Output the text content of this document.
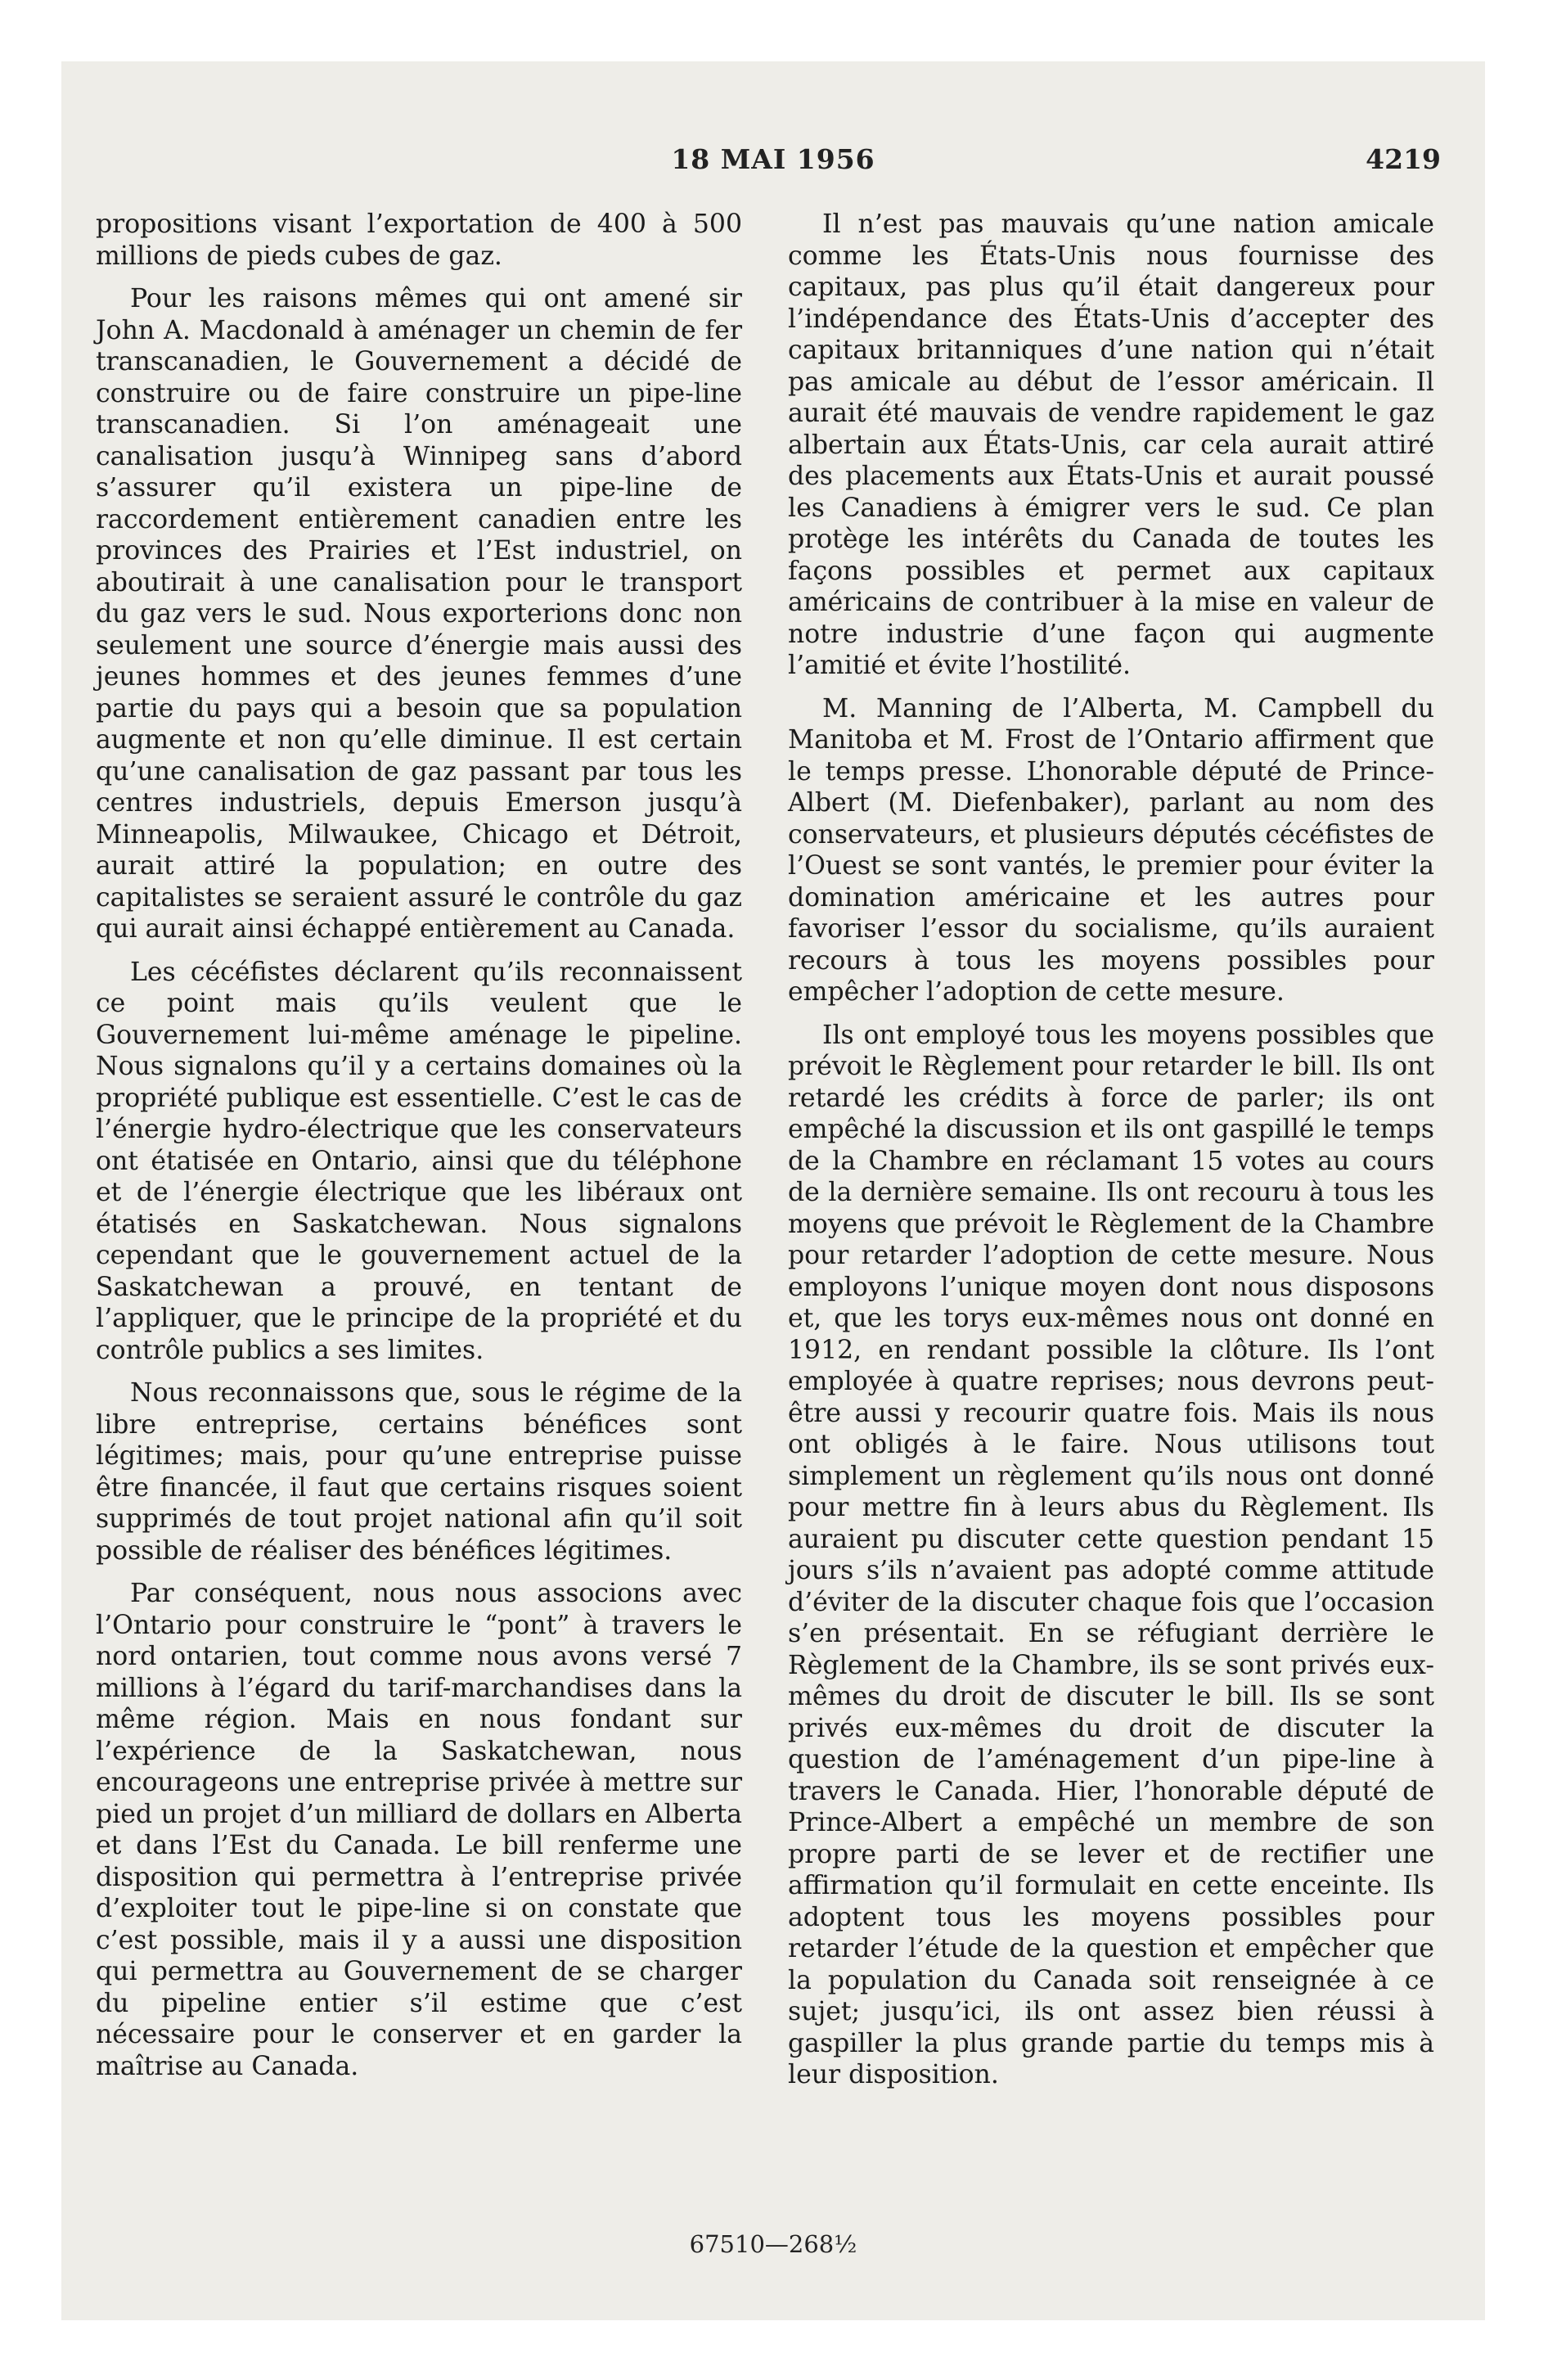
18 MAI 1956	4219

propositions visant l’exportation de 400 à 500 millions de pieds cubes de gaz.

Pour les raisons mêmes qui ont amené sir John A. Macdonald à aménager un chemin de fer transcanadien, le Gouvernement a décidé de construire ou de faire construire un pipe-line transcanadien. Si l’on aménageait une canalisation jusqu’à Winnipeg sans d’abord s’assurer qu’il existera un pipe-line de raccordement entièrement canadien entre les provinces des Prairies et l’Est industriel, on aboutirait à une canalisation pour le transport du gaz vers le sud. Nous exporterions donc non seulement une source d’énergie mais aussi des jeunes hommes et des jeunes femmes d’une partie du pays qui a besoin que sa population augmente et non qu’elle diminue. Il est certain qu’une canalisation de gaz passant par tous les centres industriels, depuis Emerson jusqu’à Minneapolis, Milwaukee, Chicago et Détroit, aurait attiré la population; en outre des capitalistes se seraient assuré le contrôle du gaz qui aurait ainsi échappé entièrement au Canada.

Les cécéfistes déclarent qu’ils reconnaissent ce point mais qu’ils veulent que le Gouvernement lui-même aménage le pipeline. Nous signalons qu’il y a certains domaines où la propriété publique est essentielle. C’est le cas de l’énergie hydro-électrique que les conservateurs ont étatisée en Ontario, ainsi que du téléphone et de l’énergie électrique que les libéraux ont étatisés en Saskatchewan. Nous signalons cependant que le gouvernement actuel de la Saskatchewan a prouvé, en tentant de l’appliquer, que le principe de la propriété et du contrôle publics a ses limites.

Nous reconnaissons que, sous le régime de la libre entreprise, certains bénéfices sont légitimes; mais, pour qu’une entreprise puisse être financée, il faut que certains risques soient supprimés de tout projet national afin qu’il soit possible de réaliser des bénéfices légitimes.

Par conséquent, nous nous associons avec l’Ontario pour construire le “pont” à travers le nord ontarien, tout comme nous avons versé 7 millions à l’égard du tarif-marchandises dans la même région. Mais en nous fondant sur l’expérience de la Saskatchewan, nous encourageons une entreprise privée à mettre sur pied un projet d’un milliard de dollars en Alberta et dans l’Est du Canada. Le bill renferme une disposition qui permettra à l’entreprise privée d’exploiter tout le pipe-line si on constate que c’est possible, mais il y a aussi une disposition qui permettra au Gouvernement de se charger du pipeline entier s’il estime que c’est nécessaire pour le conserver et en garder la maîtrise au Canada.

Il n’est pas mauvais qu’une nation amicale comme les États-Unis nous fournisse des capitaux, pas plus qu’il était dangereux pour l’indépendance des États-Unis d’accepter des capitaux britanniques d’une nation qui n’était pas amicale au début de l’essor américain. Il aurait été mauvais de vendre rapidement le gaz albertain aux États-Unis, car cela aurait attiré des placements aux États-Unis et aurait poussé les Canadiens à émigrer vers le sud. Ce plan protège les intérêts du Canada de toutes les façons possibles et permet aux capitaux américains de contribuer à la mise en valeur de notre industrie d’une façon qui augmente l’amitié et évite l’hostilité.

M. Manning de l’Alberta, M. Campbell du Manitoba et M. Frost de l’Ontario affirment que le temps presse. L’honorable député de Prince-Albert (M. Diefenbaker), parlant au nom des conservateurs, et plusieurs députés cécéfistes de l’Ouest se sont vantés, le premier pour éviter la domination américaine et les autres pour favoriser l’essor du socialisme, qu’ils auraient recours à tous les moyens possibles pour empêcher l’adoption de cette mesure.

Ils ont employé tous les moyens possibles que prévoit le Règlement pour retarder le bill. Ils ont retardé les crédits à force de parler; ils ont empêché la discussion et ils ont gaspillé le temps de la Chambre en réclamant 15 votes au cours de la dernière semaine. Ils ont recouru à tous les moyens que prévoit le Règlement de la Chambre pour retarder l’adoption de cette mesure. Nous employons l’unique moyen dont nous disposons et, que les torys eux-mêmes nous ont donné en 1912, en rendant possible la clôture. Ils l’ont employée à quatre reprises; nous devrons peut-être aussi y recourir quatre fois. Mais ils nous ont obligés à le faire. Nous utilisons tout simplement un règlement qu’ils nous ont donné pour mettre fin à leurs abus du Règlement. Ils auraient pu discuter cette question pendant 15 jours s’ils n’avaient pas adopté comme attitude d’éviter de la discuter chaque fois que l’occasion s’en présentait. En se réfugiant derrière le Règlement de la Chambre, ils se sont privés eux-mêmes du droit de discuter le bill. Ils se sont privés eux-mêmes du droit de discuter la question de l’aménagement d’un pipe-line à travers le Canada. Hier, l’honorable député de Prince-Albert a empêché un membre de son propre parti de se lever et de rectifier une affirmation qu’il formulait en cette enceinte. Ils adoptent tous les moyens possibles pour retarder l’étude de la question et empêcher que la population du Canada soit renseignée à ce sujet; jusqu’ici, ils ont assez bien réussi à gaspiller la plus grande partie du temps mis à leur disposition.

67510—268½
